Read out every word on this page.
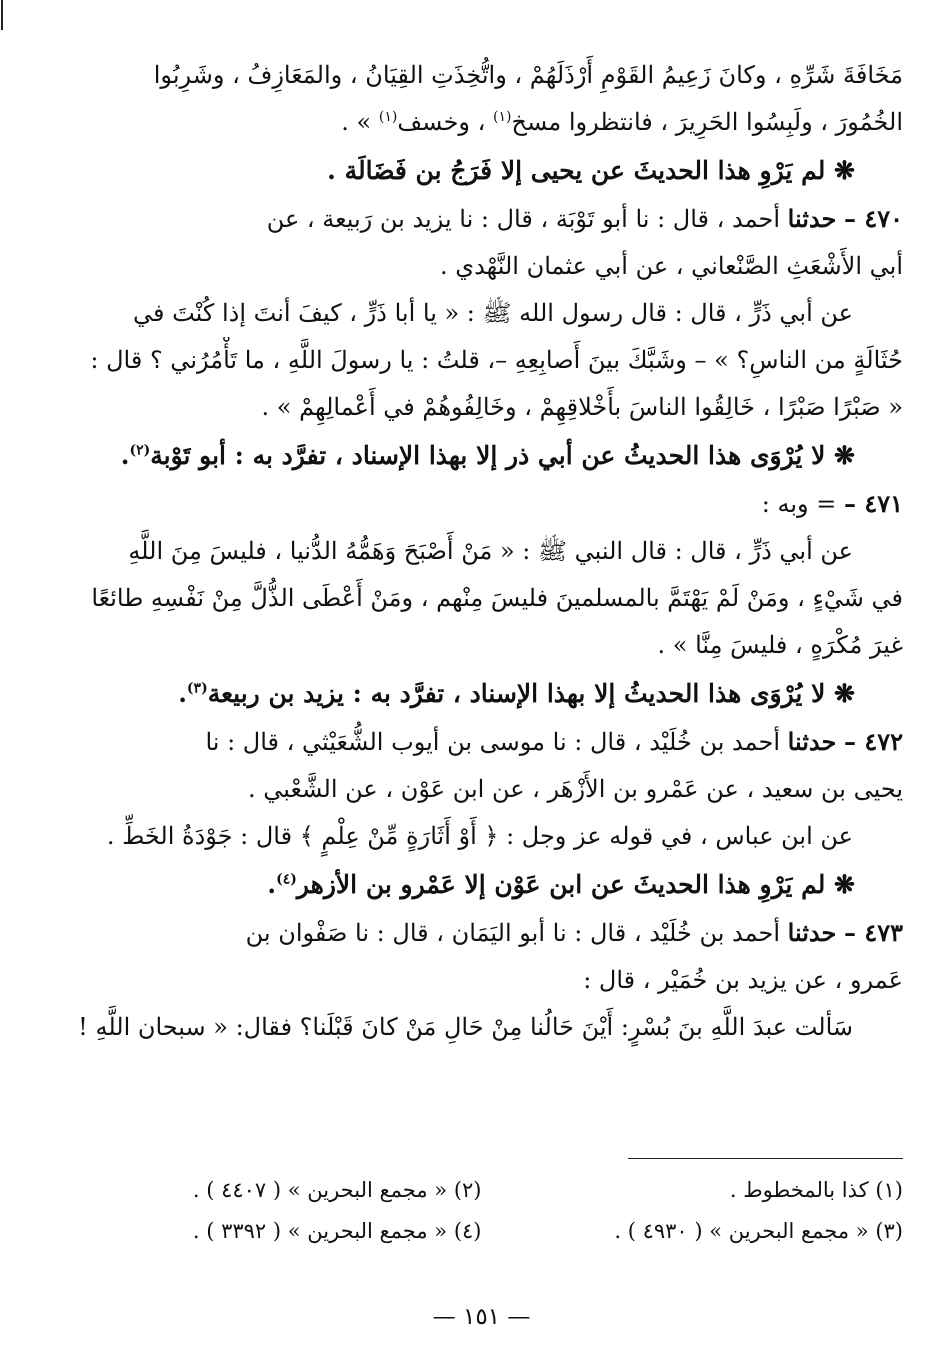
مَخَافَةَ شَرِّهِ ، وكانَ زَعِيمُ القَوْمِ أَرْذَلَهُمْ ، واتُّخِذَتِ القِيَانُ ، والمَعَازِفُ ، وشَرِبُوا
الخُمُورَ ، ولَبِسُوا الحَرِيرَ ، فانتظروا مسخ$^{(١)}$ ، وخسف$^{(١)}$ » .
❋ لم يَرْوِ هذا الحديثَ عن يحيى إلا فَرَجُ بن فَضَالَة .
٤٧٠ – حدثنا أحمد ، قال : نا أبو تَوْبَة ، قال : نا يزيد بن رَبيعة ، عن
أبي الأَشْعَثِ الصَّنْعاني ، عن أبي عثمان النَّهْدي .
عن أبي ذَرٍّ ، قال : قال رسول الله ﷺ : « يا أبا ذَرٍّ ، كيفَ أنتَ إذا كُنْتَ في
حُثَالَةٍ من الناسِ؟ » – وشَبَّكَ بينَ أَصابِعِهِ –، قلتُ : يا رسولَ اللَّهِ ، ما تَأْمُرُني ؟ قال :
« صَبْرًا صَبْرًا ، خَالِقُوا الناسَ بأَخْلاقِهِمْ ، وخَالِفُوهُمْ في أَعْمالِهِمْ » .
❋ لا يُرْوَى هذا الحديثُ عن أبي ذر إلا بهذا الإسناد ، تفرَّد به : أبو تَوْبة$^{(٢)}$.
٤٧١ – = وبه :
عن أبي ذَرٍّ ، قال : قال النبي ﷺ : « مَنْ أَصْبَحَ وَهَمُّهُ الدُّنيا ، فليسَ مِنَ اللَّهِ
في شَيْءٍ ، ومَنْ لَمْ يَهْتَمَّ بالمسلمينَ فليسَ مِنْهم ، ومَنْ أَعْطَى الذُّلَّ مِنْ نَفْسِهِ طائعًا
غيرَ مُكْرَهٍ ، فليسَ مِنَّا » .
❋ لا يُرْوَى هذا الحديثُ إلا بهذا الإسناد ، تفرَّد به : يزيد بن ربيعة$^{(٣)}$.
٤٧٢ – حدثنا أحمد بن خُلَيْد ، قال : نا موسى بن أيوب الشُّعَيْثي ، قال : نا
يحيى بن سعيد ، عن عَمْرو بن الأَزْهَر ، عن ابن عَوْن ، عن الشَّعْبي .
عن ابن عباس ، في قوله عز وجل : ﴿ أَوْ أَثَارَةٍ مِّنْ عِلْمٍ ﴾ قال : جَوْدَةُ الخَطِّ .
❋ لم يَرْوِ هذا الحديثَ عن ابن عَوْن إلا عَمْرو بن الأزهر$^{(٤)}$.
٤٧٣ – حدثنا أحمد بن خُلَيْد ، قال : نا أبو اليَمَان ، قال : نا صَفْوان بن
عَمرو ، عن يزيد بن خُمَيْر ، قال :
سَألت عبدَ اللَّهِ بنَ بُسْرٍ: أَيْنَ حَالُنا مِنْ حَالِ مَنْ كانَ قَبْلَنا؟ فقال: « سبحان اللَّهِ !
(١) كذا بالمخطوط .
(٢) « مجمع البحرين » ( ٤٤٠٧ ) .
(٣) « مجمع البحرين » ( ٤٩٣٠ ) .
(٤) « مجمع البحرين » ( ٣٣٩٢ ) .
— ١٥١ —
